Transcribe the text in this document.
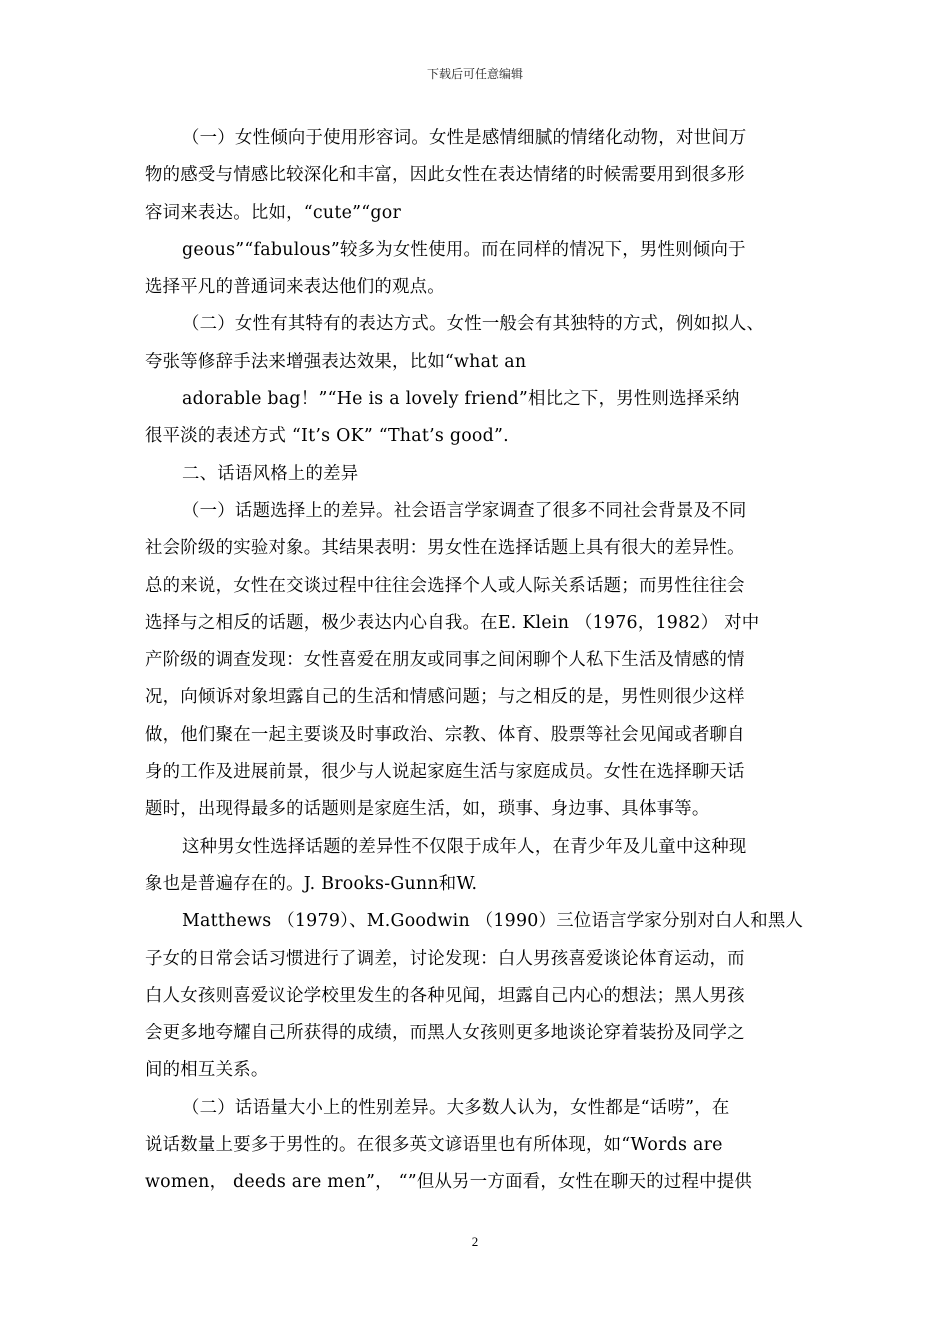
下载后可任意编辑
（一）女性倾向于使用形容词。女性是感情细腻的情绪化动物，对世间万
物的感受与情感比较深化和丰富，因此女性在表达情绪的时候需要用到很多形
容词来表达。比如，“cute”“gor
geous”“fabulous”较多为女性使用。而在同样的情况下，男性则倾向于
选择平凡的普通词来表达他们的观点。
（二）女性有其特有的表达方式。女性一般会有其独特的方式，例如拟人、
夸张等修辞手法来增强表达效果，比如“what an
adorable bag！”“He is a lovely friend”相比之下，男性则选择采纳
很平淡的表述方式 “It’s OK” “That’s good”.
二、话语风格上的差异
（一）话题选择上的差异。社会语言学家调查了很多不同社会背景及不同
社会阶级的实验对象。其结果表明：男女性在选择话题上具有很大的差异性。
总的来说，女性在交谈过程中往往会选择个人或人际关系话题；而男性往往会
选择与之相反的话题，极少表达内心自我。在E. Klein （1976，1982） 对中
产阶级的调查发现：女性喜爱在朋友或同事之间闲聊个人私下生活及情感的情
况，向倾诉对象坦露自己的生活和情感问题；与之相反的是，男性则很少这样
做，他们聚在一起主要谈及时事政治、宗教、体育、股票等社会见闻或者聊自
身的工作及进展前景，很少与人说起家庭生活与家庭成员。女性在选择聊天话
题时，出现得最多的话题则是家庭生活，如，琐事、身边事、具体事等。
这种男女性选择话题的差异性不仅限于成年人，在青少年及儿童中这种现
象也是普遍存在的。J. Brooks-Gunn和W.
Matthews （1979）、M.Goodwin （1990）三位语言学家分别对白人和黑人
子女的日常会话习惯进行了调差，讨论发现：白人男孩喜爱谈论体育运动，而
白人女孩则喜爱议论学校里发生的各种见闻，坦露自己内心的想法；黑人男孩
会更多地夸耀自己所获得的成绩，而黑人女孩则更多地谈论穿着装扮及同学之
间的相互关系。
（二）话语量大小上的性别差异。大多数人认为，女性都是“话唠”，在
说话数量上要多于男性的。在很多英文谚语里也有所体现，如“Words are
women， deeds are men”， “”但从另一方面看，女性在聊天的过程中提供
2
